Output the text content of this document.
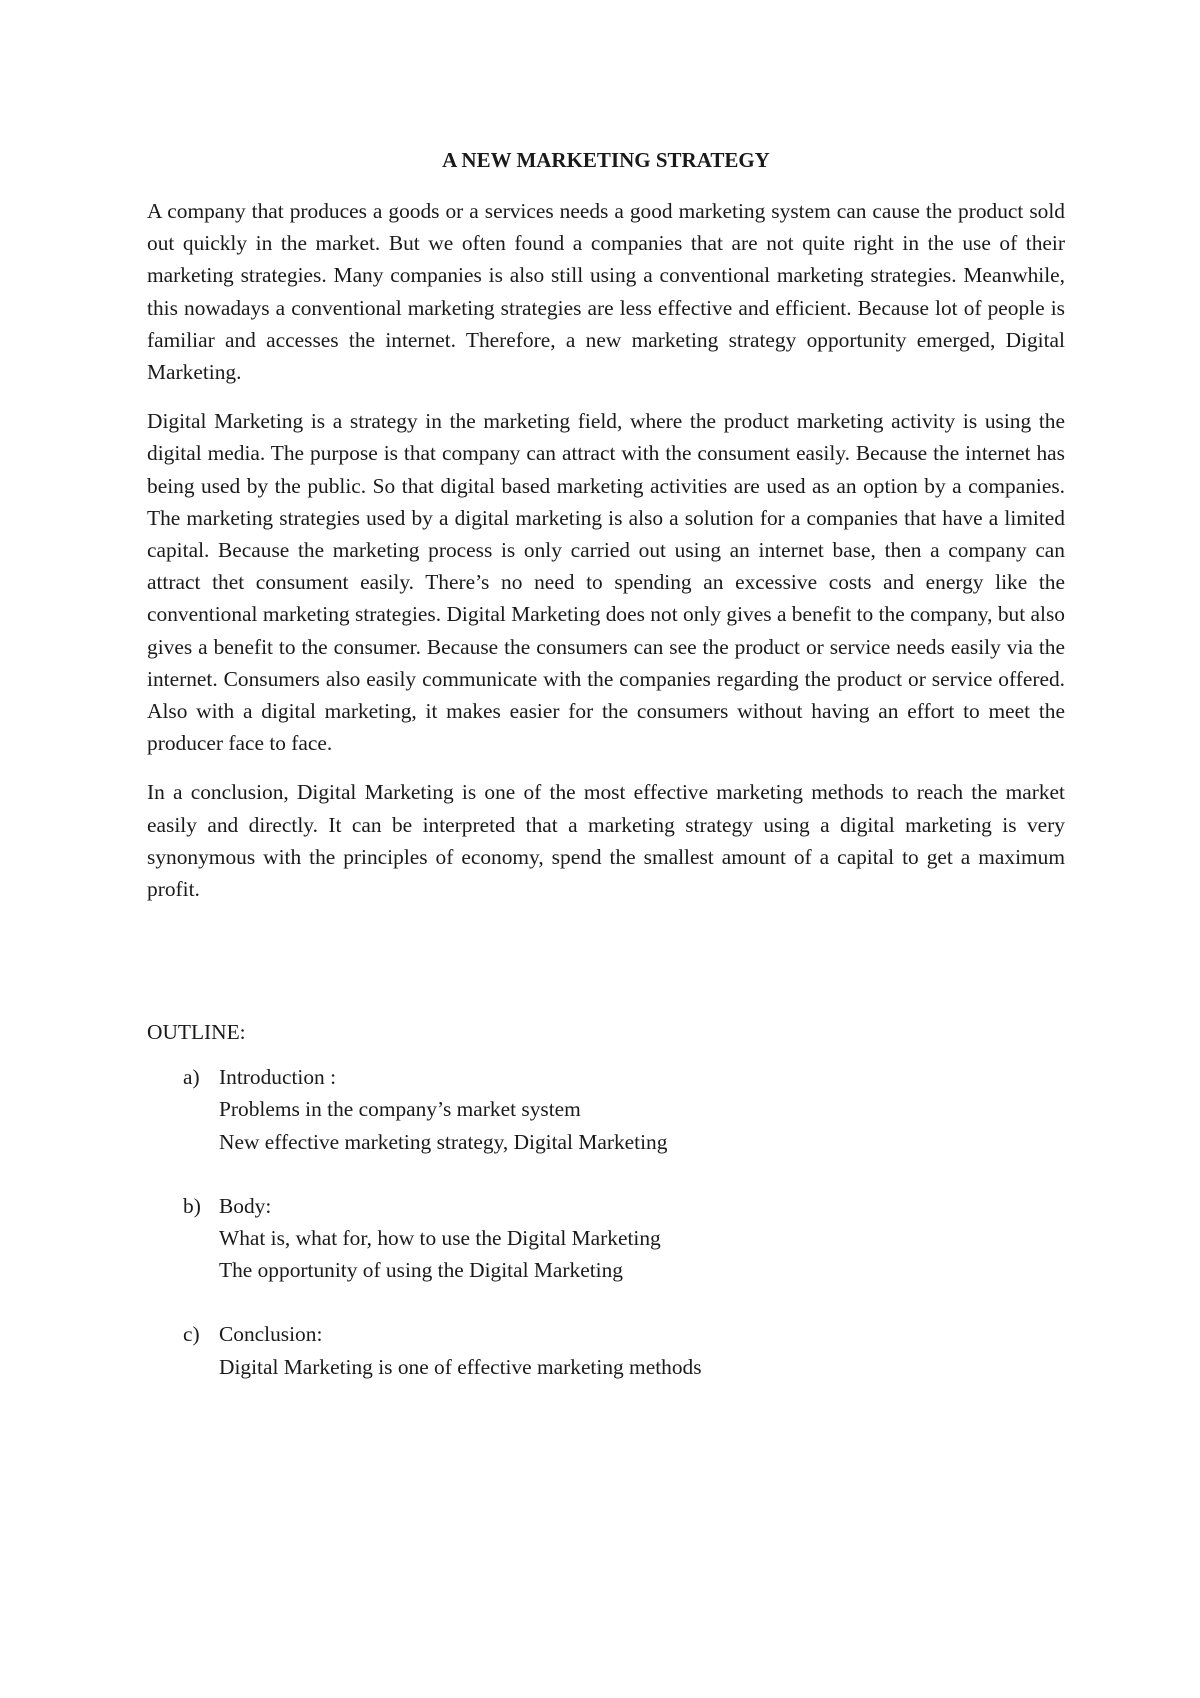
A NEW MARKETING STRATEGY

A company that produces a goods or a services needs a good marketing system can cause the product sold out quickly in the market. But we often found a companies that are not quite right in the use of their marketing strategies. Many companies is also still using a conventional marketing strategies. Meanwhile, this nowadays a conventional marketing strategies are less effective and efficient. Because lot of people is familiar and accesses the internet. Therefore, a new marketing strategy opportunity emerged, Digital Marketing.

Digital Marketing is a strategy in the marketing field, where the product marketing activity is using the digital media. The purpose is that company can attract with the consument easily. Because the internet has being used by the public. So that digital based marketing activities are used as an option by a companies. The marketing strategies used by a digital marketing is also a solution for a companies that have a limited capital. Because the marketing process is only carried out using an internet base, then a company can attract thet consument easily. There’s no need to spending an excessive costs and energy like the conventional marketing strategies. Digital Marketing does not only gives a benefit to the company, but also gives a benefit to the consumer. Because the consumers can see the product or service needs easily via the internet. Consumers also easily communicate with the companies regarding the product or service offered. Also with a digital marketing, it makes easier for the consumers without having an effort to meet the producer face to face.

In a conclusion, Digital Marketing is one of the most effective marketing methods to reach the market easily and directly. It can be interpreted that a marketing strategy using a digital marketing is very synonymous with the principles of economy, spend the smallest amount of a capital to get a maximum profit.

OUTLINE:
a) Introduction :
Problems in the company’s market system
New effective marketing strategy, Digital Marketing
b) Body:
What is, what for, how to use the Digital Marketing
The opportunity of using the Digital Marketing
c) Conclusion:
Digital Marketing is one of effective marketing methods
